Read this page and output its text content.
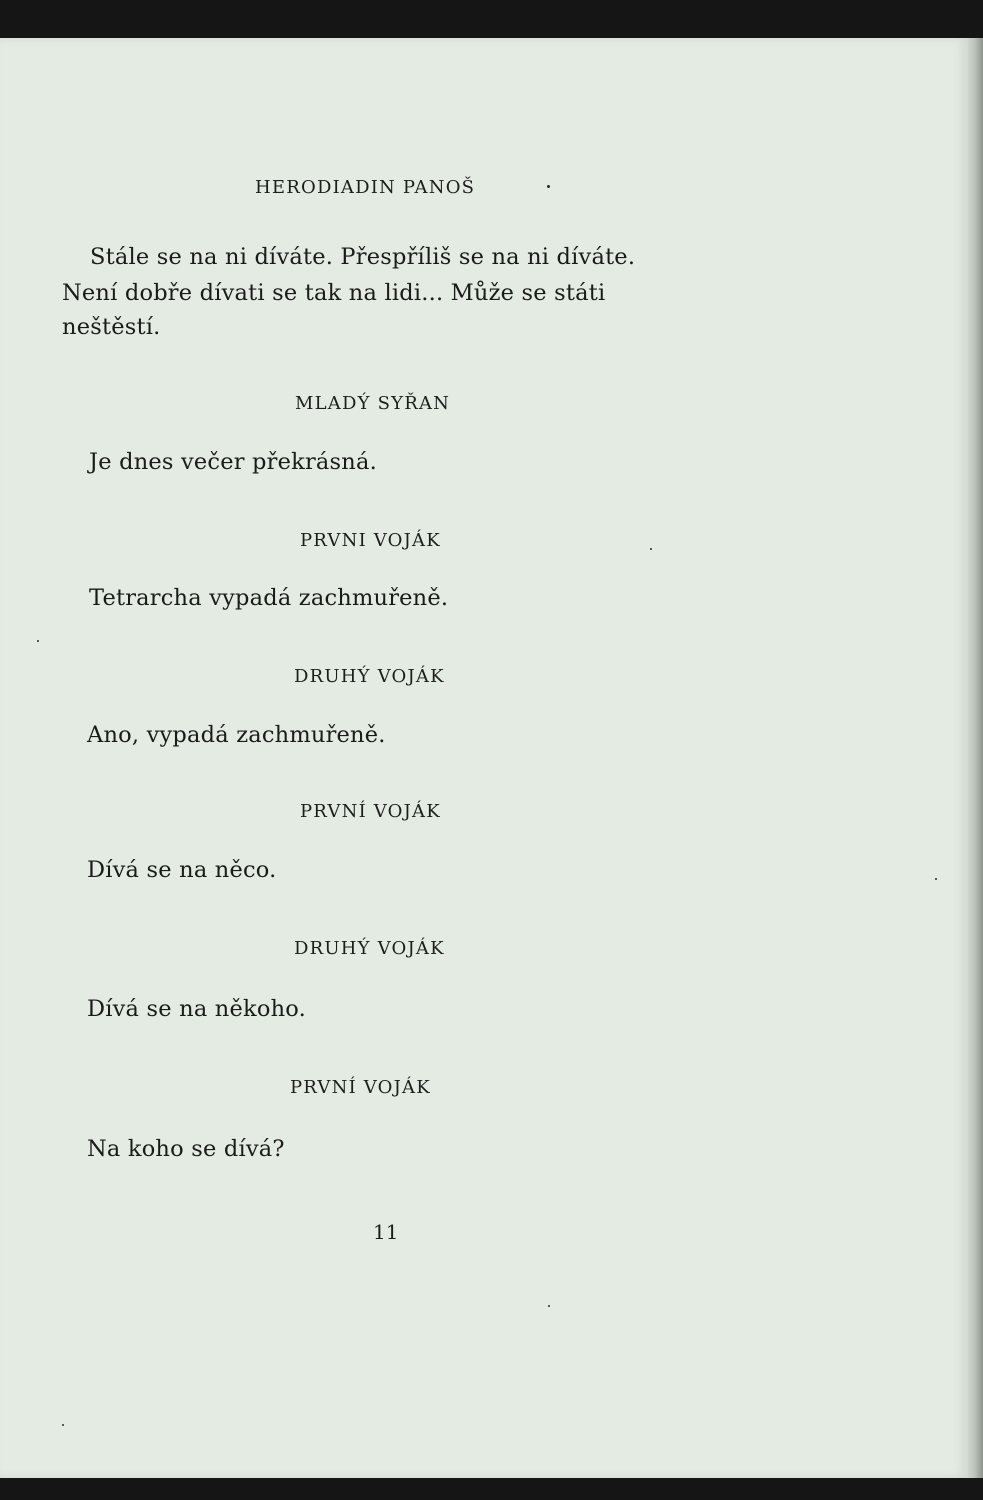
HERODIADIN PANOŠ
Stále se na ni díváte. Přespříliš se na ni díváte.
Není dobře dívati se tak na lidi... Může se státi
neštěstí.
MLADÝ SYŘAN
Je dnes večer překrásná.
PRVNI VOJÁK
Tetrarcha vypadá zachmuřeně.
DRUHÝ VOJÁK
Ano, vypadá zachmuřeně.
PRVNÍ VOJÁK
Dívá se na něco.
DRUHÝ VOJÁK
Dívá se na někoho.
PRVNÍ VOJÁK
Na koho se dívá?
11
